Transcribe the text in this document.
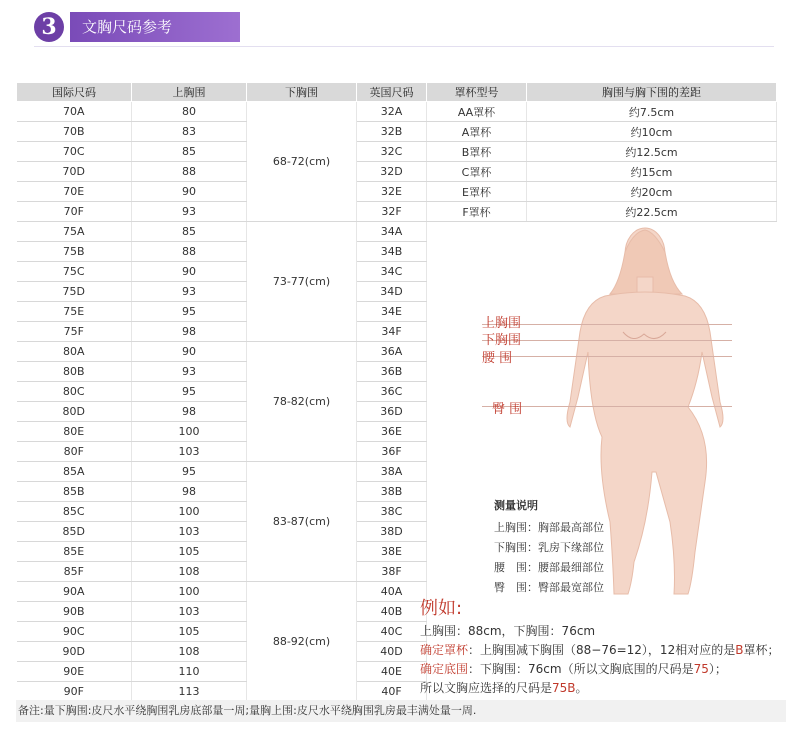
3	文胸尺码参考
国际尺码	上胸围	下胸围	英国尺码	罩杯型号	胸围与胸下围的差距
70A	80	68-72(cm)	32A	AA罩杯	约7.5cm
70B	83		32B	A罩杯	约10cm
70C	85		32C	B罩杯	约12.5cm
70D	88		32D	C罩杯	约15cm
70E	90		32E	E罩杯	约20cm
70F	93		32F	F罩杯	约22.5cm
75A	85	73-77(cm)	34A		
75B	88		34B		
75C	90		34C		
75D	93		34D		
75E	95		34E		
75F	98		34F		
80A	90	78-82(cm)	36A		
80B	93		36B		
80C	95		36C		
80D	98		36D		
80E	100		36E		
80F	103		36F		
85A	95	83-87(cm)	38A		
85B	98		38B		
85C	100		38C		
85D	103		38D		
85E	105		38E		
85F	108		38F		
90A	100	88-92(cm)	40A		
90B	103		40B		
90C	105		40C		
90D	108		40D		
90E	110		40E		
90F	113		40F		
上胸围
下胸围
腰 围
臀 围
测量说明
上胸围：胸部最高部位
下胸围：乳房下缘部位
腰　围：腰部最细部位
臀　围：臀部最宽部位
例如:
上胸围：88cm，下胸围：76cm
确定罩杯：上胸围减下胸围（88−76=12），12相对应的是B罩杯；
确定底围：下胸围：76cm（所以文胸底围的尺码是75）；
所以文胸应选择的尺码是75B。
备注:量下胸围:皮尺水平绕胸围乳房底部量一周;量胸上围:皮尺水平绕胸围乳房最丰满处量一周.
